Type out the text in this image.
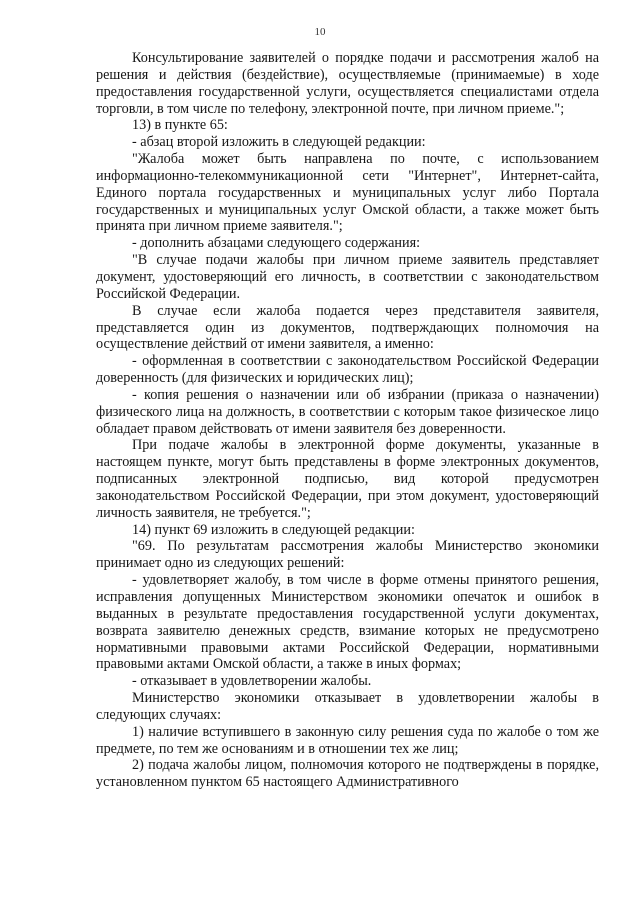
10

Консультирование заявителей о порядке подачи и рассмотрения жалоб на решения и действия (бездействие), осуществляемые (принимаемые) в ходе предоставления государственной услуги, осуществляется специалистами отдела торговли, в том числе по телефону, электронной почте, при личном приеме.";

13) в пункте 65:

- абзац второй изложить в следующей редакции:

"Жалоба может быть направлена по почте, с использованием информационно-телекоммуникационной сети "Интернет", Интернет-сайта, Единого портала государственных и муниципальных услуг либо Портала государственных и муниципальных услуг Омской области, а также может быть принята при личном приеме заявителя.";

- дополнить абзацами следующего содержания:

"В случае подачи жалобы при личном приеме заявитель представляет документ, удостоверяющий его личность, в соответствии с законодательством Российской Федерации.

В случае если жалоба подается через представителя заявителя, представляется один из документов, подтверждающих полномочия на осуществление действий от имени заявителя, а именно:

- оформленная в соответствии с законодательством Российской Федерации доверенность (для физических и юридических лиц);

- копия решения о назначении или об избрании (приказа о назначении) физического лица на должность, в соответствии с которым такое физическое лицо обладает правом действовать от имени заявителя без доверенности.

При подаче жалобы в электронной форме документы, указанные в настоящем пункте, могут быть представлены в форме электронных документов, подписанных электронной подписью, вид которой предусмотрен законодательством Российской Федерации, при этом документ, удостоверяющий личность заявителя, не требуется.";

14) пункт 69 изложить в следующей редакции:

"69. По результатам рассмотрения жалобы Министерство экономики принимает одно из следующих решений:

- удовлетворяет жалобу, в том числе в форме отмены принятого решения, исправления допущенных Министерством экономики опечаток и ошибок в выданных в результате предоставления государственной услуги документах, возврата заявителю денежных средств, взимание которых не предусмотрено нормативными правовыми актами Российской Федерации, нормативными правовыми актами Омской области, а также в иных формах;

- отказывает в удовлетворении жалобы.

Министерство экономики отказывает в удовлетворении жалобы в следующих случаях:

1) наличие вступившего в законную силу решения суда по жалобе о том же предмете, по тем же основаниям и в отношении тех же лиц;

2) подача жалобы лицом, полномочия которого не подтверждены в порядке, установленном пунктом 65 настоящего Административного
